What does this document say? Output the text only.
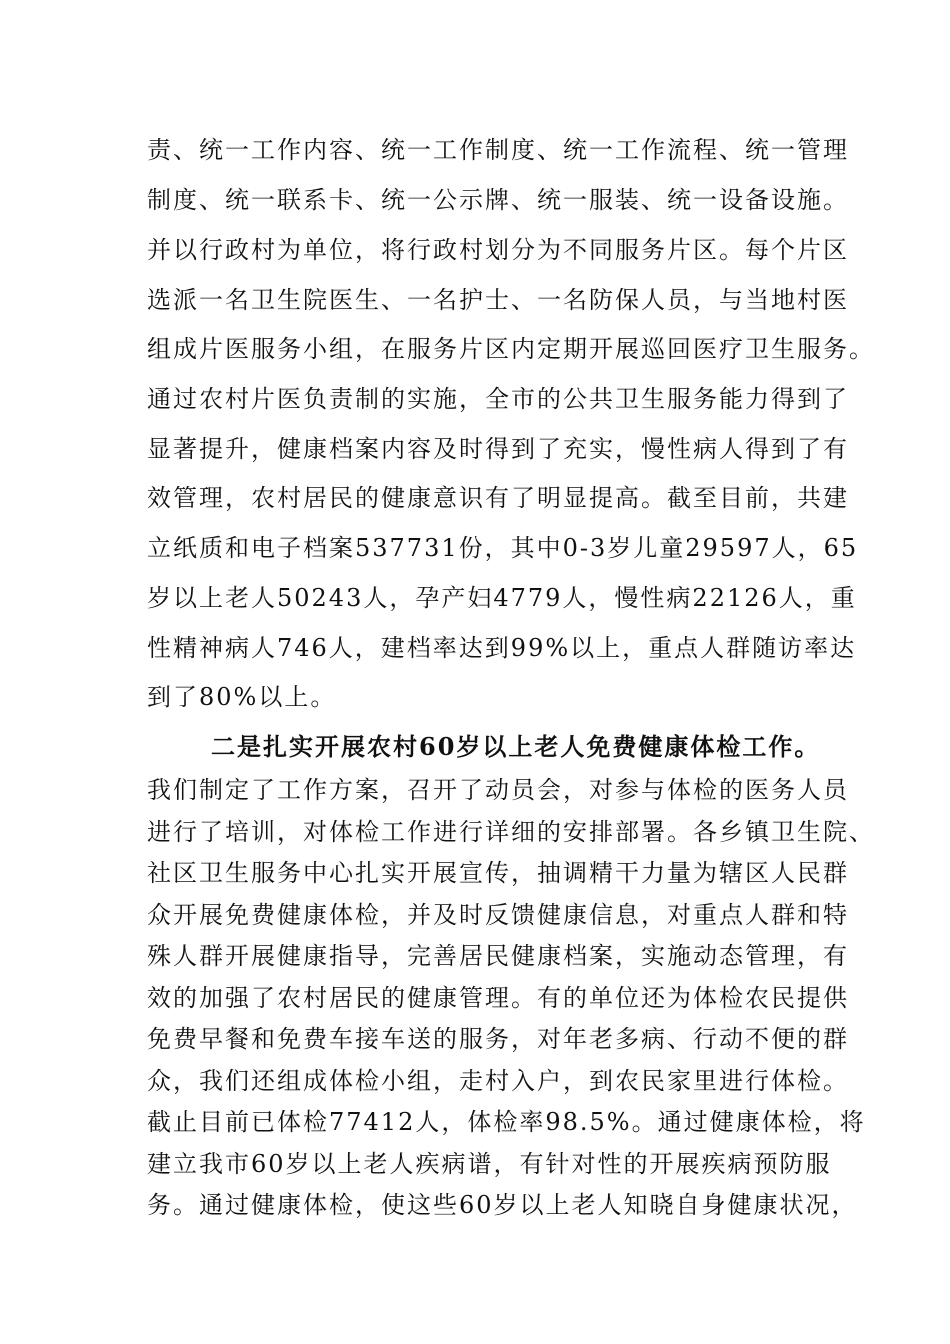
责、统一工作内容、统一工作制度、统一工作流程、统一管理
制度、统一联系卡、统一公示牌、统一服装、统一设备设施。
并以行政村为单位，将行政村划分为不同服务片区。每个片区
选派一名卫生院医生、一名护士、一名防保人员，与当地村医
组成片医服务小组，在服务片区内定期开展巡回医疗卫生服务。
通过农村片医负责制的实施，全市的公共卫生服务能力得到了
显著提升，健康档案内容及时得到了充实，慢性病人得到了有
效管理，农村居民的健康意识有了明显提高。截至目前，共建
立纸质和电子档案537731份，其中0-3岁儿童29597人，65
岁以上老人50243人，孕产妇4779人，慢性病22126人，重
性精神病人746人，建档率达到99%以上，重点人群随访率达
到了80%以上。
二是扎实开展农村60岁以上老人免费健康体检工作。
我们制定了工作方案，召开了动员会，对参与体检的医务人员
进行了培训，对体检工作进行详细的安排部署。各乡镇卫生院、
社区卫生服务中心扎实开展宣传，抽调精干力量为辖区人民群
众开展免费健康体检，并及时反馈健康信息，对重点人群和特
殊人群开展健康指导，完善居民健康档案，实施动态管理，有
效的加强了农村居民的健康管理。有的单位还为体检农民提供
免费早餐和免费车接车送的服务，对年老多病、行动不便的群
众，我们还组成体检小组，走村入户，到农民家里进行体检。
截止目前已体检77412人，体检率98.5%。通过健康体检，将
建立我市60岁以上老人疾病谱，有针对性的开展疾病预防服
务。通过健康体检，使这些60岁以上老人知晓自身健康状况，
